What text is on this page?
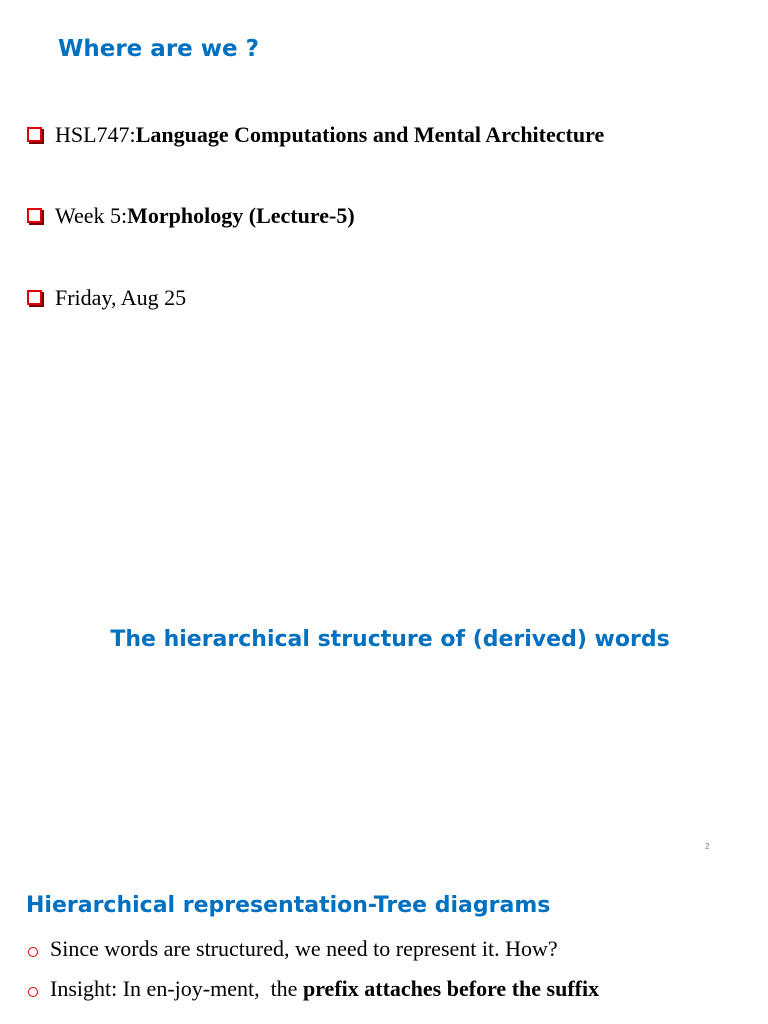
Where are we ?
HSL747: Language Computations and Mental Architecture
Week 5: Morphology (Lecture-5)
Friday, Aug 25
The hierarchical structure of (derived) words
2
Hierarchical representation-Tree diagrams
Since words are structured, we need to represent it. How?
Insight: In en-joy-ment,  the prefix attaches before the suffix
